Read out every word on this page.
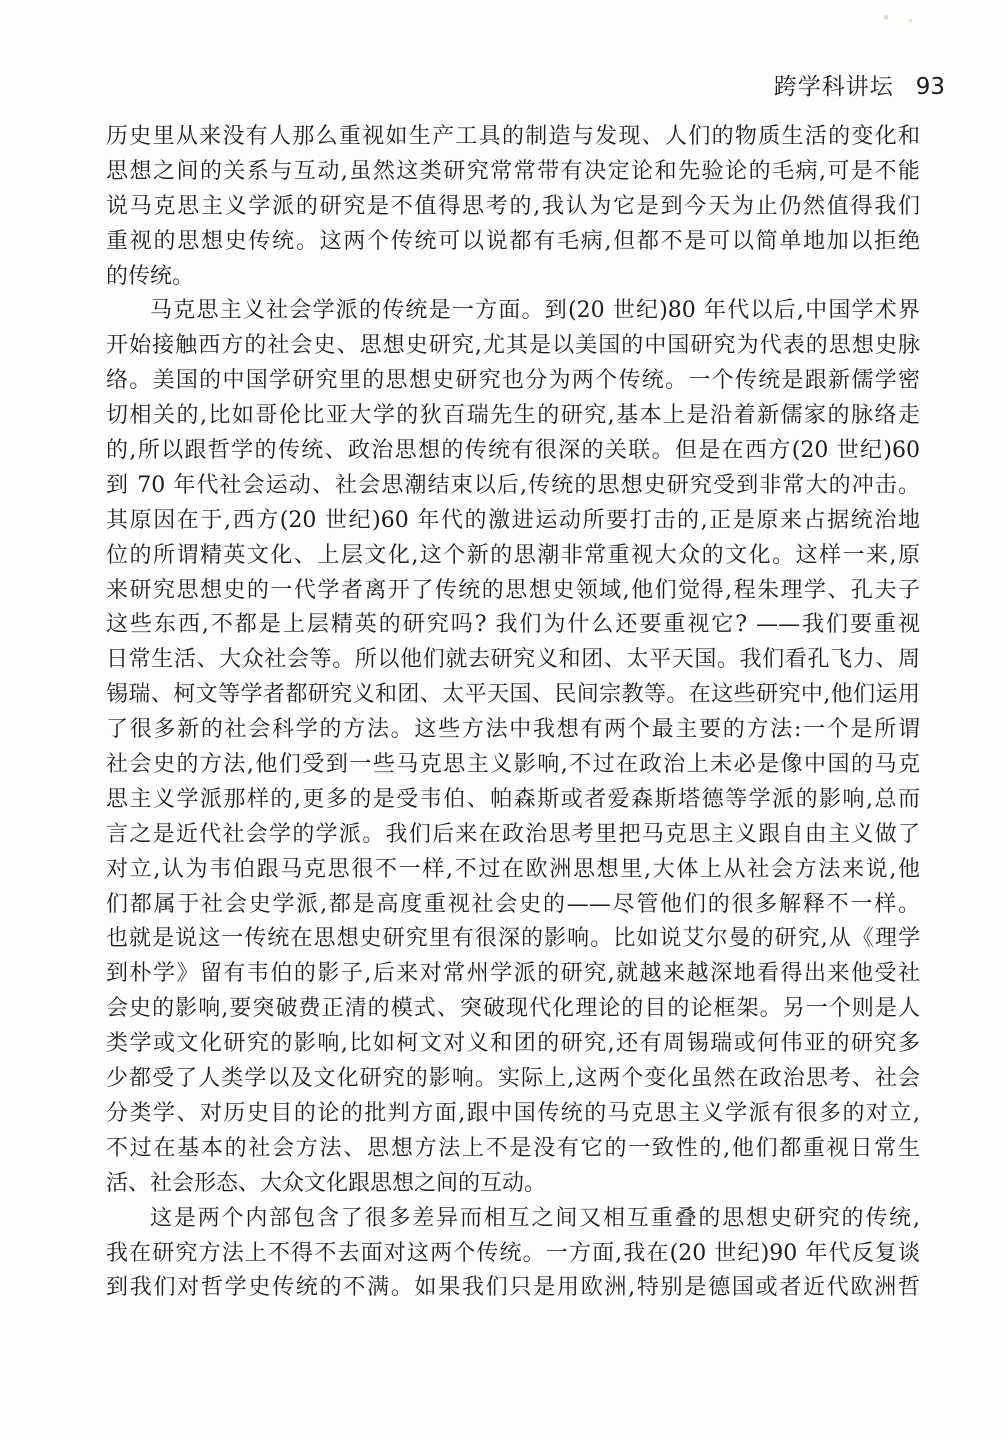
跨学科讲坛 93
历史里从来没有人那么重视如生产工具的制造与发现、人们的物质生活的变化和
思想之间的关系与互动,虽然这类研究常常带有决定论和先验论的毛病,可是不能
说马克思主义学派的研究是不值得思考的,我认为它是到今天为止仍然值得我们
重视的思想史传统。这两个传统可以说都有毛病,但都不是可以简单地加以拒绝
的传统。
马克思主义社会学派的传统是一方面。到(20 世纪)80 年代以后,中国学术界
开始接触西方的社会史、思想史研究,尤其是以美国的中国研究为代表的思想史脉
络。美国的中国学研究里的思想史研究也分为两个传统。一个传统是跟新儒学密
切相关的,比如哥伦比亚大学的狄百瑞先生的研究,基本上是沿着新儒家的脉络走
的,所以跟哲学的传统、政治思想的传统有很深的关联。但是在西方(20 世纪)60
到 70 年代社会运动、社会思潮结束以后,传统的思想史研究受到非常大的冲击。
其原因在于,西方(20 世纪)60 年代的激进运动所要打击的,正是原来占据统治地
位的所谓精英文化、上层文化,这个新的思潮非常重视大众的文化。这样一来,原
来研究思想史的一代学者离开了传统的思想史领域,他们觉得,程朱理学、孔夫子
这些东西,不都是上层精英的研究吗? 我们为什么还要重视它? ——我们要重视
日常生活、大众社会等。所以他们就去研究义和团、太平天国。我们看孔飞力、周
锡瑞、柯文等学者都研究义和团、太平天国、民间宗教等。在这些研究中,他们运用
了很多新的社会科学的方法。这些方法中我想有两个最主要的方法:一个是所谓
社会史的方法,他们受到一些马克思主义影响,不过在政治上未必是像中国的马克
思主义学派那样的,更多的是受韦伯、帕森斯或者爱森斯塔德等学派的影响,总而
言之是近代社会学的学派。我们后来在政治思考里把马克思主义跟自由主义做了
对立,认为韦伯跟马克思很不一样,不过在欧洲思想里,大体上从社会方法来说,他
们都属于社会史学派,都是高度重视社会史的——尽管他们的很多解释不一样。
也就是说这一传统在思想史研究里有很深的影响。比如说艾尔曼的研究,从《理学
到朴学》留有韦伯的影子,后来对常州学派的研究,就越来越深地看得出来他受社
会史的影响,要突破费正清的模式、突破现代化理论的目的论框架。另一个则是人
类学或文化研究的影响,比如柯文对义和团的研究,还有周锡瑞或何伟亚的研究多
少都受了人类学以及文化研究的影响。实际上,这两个变化虽然在政治思考、社会
分类学、对历史目的论的批判方面,跟中国传统的马克思主义学派有很多的对立,
不过在基本的社会方法、思想方法上不是没有它的一致性的,他们都重视日常生
活、社会形态、大众文化跟思想之间的互动。
这是两个内部包含了很多差异而相互之间又相互重叠的思想史研究的传统,
我在研究方法上不得不去面对这两个传统。一方面,我在(20 世纪)90 年代反复谈
到我们对哲学史传统的不满。如果我们只是用欧洲,特别是德国或者近代欧洲哲
